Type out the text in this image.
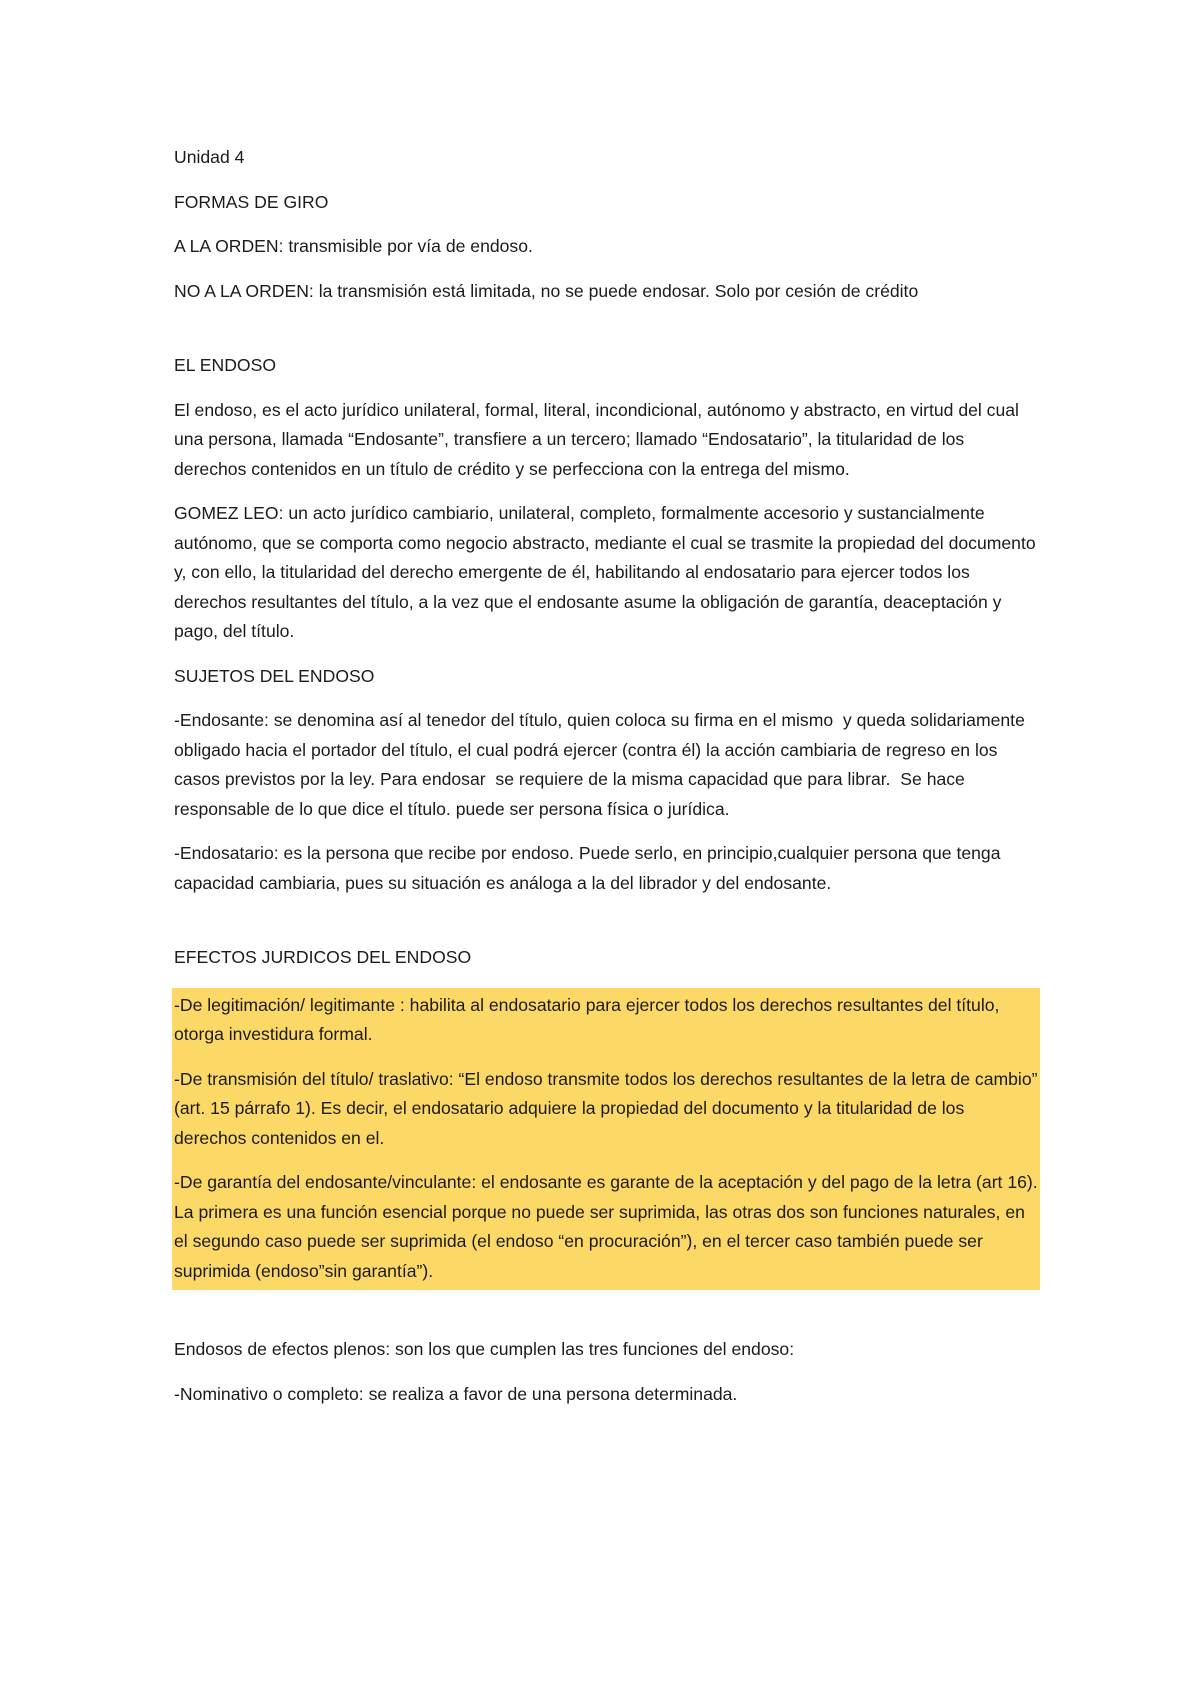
Unidad 4

FORMAS DE GIRO

A LA ORDEN: transmisible por vía de endoso.

NO A LA ORDEN: la transmisión está limitada, no se puede endosar. Solo por cesión de crédito

EL ENDOSO

El endoso, es el acto jurídico unilateral, formal, literal, incondicional, autónomo y abstracto, en virtud del cual una persona, llamada “Endosante”, transfiere a un tercero; llamado “Endosatario”, la titularidad de los derechos contenidos en un título de crédito y se perfecciona con la entrega del mismo.

GOMEZ LEO: un acto jurídico cambiario, unilateral, completo, formalmente accesorio y sustancialmente autónomo, que se comporta como negocio abstracto, mediante el cual se trasmite la propiedad del documento y, con ello, la titularidad del derecho emergente de él, habilitando al endosatario para ejercer todos los derechos resultantes del título, a la vez que el endosante asume la obligación de garantía, deaceptación y pago, del título.

SUJETOS DEL ENDOSO

-Endosante: se denomina así al tenedor del título, quien coloca su firma en el mismo  y queda solidariamente obligado hacia el portador del título, el cual podrá ejercer (contra él) la acción cambiaria de regreso en los casos previstos por la ley. Para endosar  se requiere de la misma capacidad que para librar.  Se hace responsable de lo que dice el título. puede ser persona física o jurídica.

-Endosatario: es la persona que recibe por endoso. Puede serlo, en principio,cualquier persona que tenga capacidad cambiaria, pues su situación es análoga a la del librador y del endosante.

EFECTOS JURDICOS DEL ENDOSO

-De legitimación/ legitimante : habilita al endosatario para ejercer todos los derechos resultantes del título, otorga investidura formal.

-De transmisión del título/ traslativo: “El endoso transmite todos los derechos resultantes de la letra de cambio” (art. 15 párrafo 1). Es decir, el endosatario adquiere la propiedad del documento y la titularidad de los derechos contenidos en el.

-De garantía del endosante/vinculante: el endosante es garante de la aceptación y del pago de la letra (art 16). La primera es una función esencial porque no puede ser suprimida, las otras dos son funciones naturales, en el segundo caso puede ser suprimida (el endoso “en procuración”), en el tercer caso también puede ser suprimida (endoso”sin garantía”).

Endosos de efectos plenos: son los que cumplen las tres funciones del endoso:

-Nominativo o completo: se realiza a favor de una persona determinada.
